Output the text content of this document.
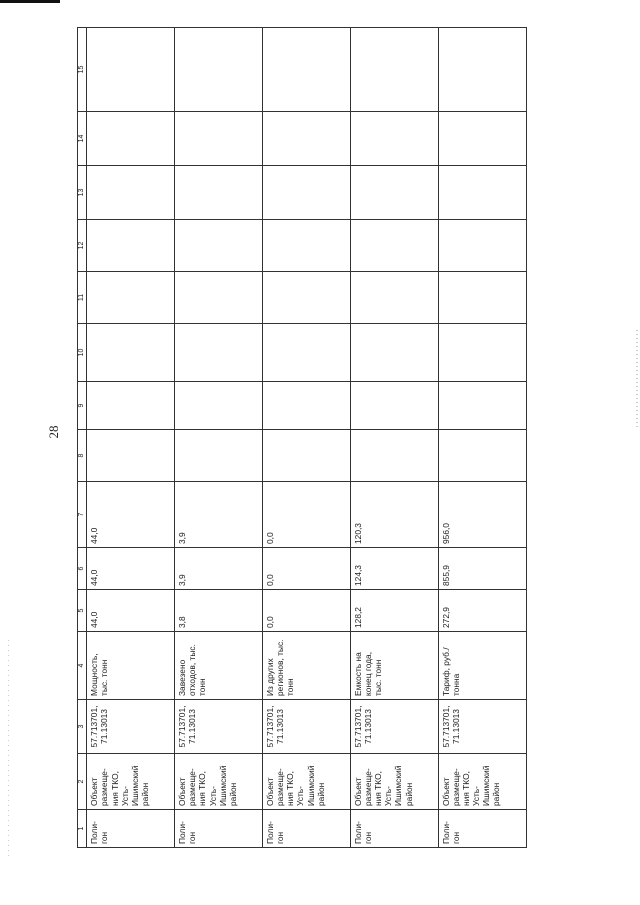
28
1	2	3	4	5	6	7	8	9	10	11	12	13	14	15
Поли-гон	Объект размеще-ния ТКО, Усть-Ишимский район	57.713701, 71.13013	Мощность, тыс. тонн	44,0	44,0	44,0								
Поли-гон	Объект размеще-ния ТКО, Усть-Ишимский район	57.713701, 71.13013	Завезено отходов, тыс. тонн	3,8	3,9	3,9								
Поли-гон	Объект размеще-ния ТКО, Усть-Ишимский район	57.713701, 71.13013	Из других регионов, тыс. тонн	0,0	0,0	0,0								
Поли-гон	Объект размеще-ния ТКО, Усть-Ишимский район	57.713701, 71.13013	Емкость на конец года, тыс. тонн	128,2	124,3	120,3								
Поли-гон	Объект размеще-ния ТКО, Усть-Ишимский район	57.713701, 71.13013	Тариф, руб./тонна	272,9	855,9	956,0								
